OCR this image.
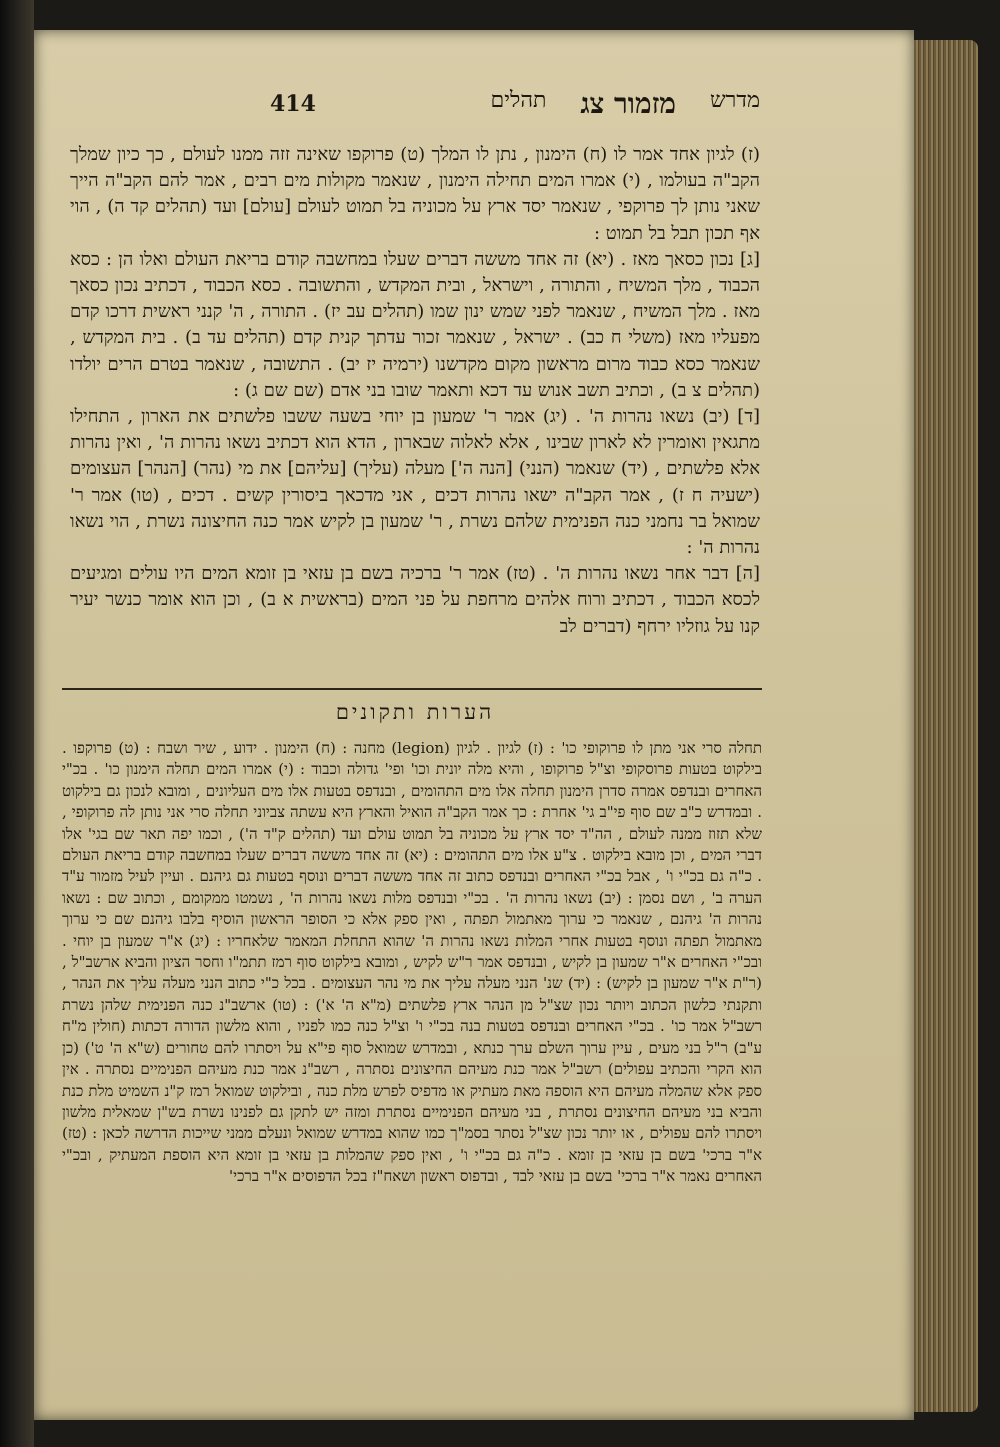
414	מדרש
מזמור צג
תהלים

(ז) לגיון אחד אמר לו (ח) הימנון , נתן לו המלך (ט) פרוקפו שאינה זזה ממנו לעולם , כך כיון שמלך הקב"ה בעולמו , (י) אמרו המים תחילה הימנון , שנאמר מקולות מים רבים , אמר להם הקב"ה הייך שאני נותן לך פרוקפי , שנאמר יסד ארץ על מכוניה בל תמוט לעולם [עולם] ועד (תהלים קד ה) , הוי אף תכון תבל בל תמוט :

[ג] נכון כסאך מאז . (יא) זה אחד מששה דברים שעלו במחשבה קודם בריאת העולם ואלו הן : כסא הכבוד , מלך המשיח , והתורה , וישראל , ובית המקדש , והתשובה . כסא הכבוד , דכתיב נכון כסאך מאז . מלך המשיח , שנאמר לפני שמש ינון שמו (תהלים עב יז) . התורה , ה' קנני ראשית דרכו קדם מפעליו מאז (משלי ח כב) . ישראל , שנאמר זכור עדתך קנית קדם (תהלים עד ב) . בית המקדש , שנאמר כסא כבוד מרום מראשון מקום מקדשנו (ירמיה יז יב) . התשובה , שנאמר בטרם הרים יולדו (תהלים צ ב) , וכתיב תשב אנוש עד דכא ותאמר שובו בני אדם (שם שם ג) :

[ד] (יב) נשאו נהרות ה' . (יג) אמר ר' שמעון בן יוחי בשעה ששבו פלשתים את הארון , התחילו מתגאין ואומרין לא לארון שבינו , אלא לאלוה שבארון , הדא הוא דכתיב נשאו נהרות ה' , ואין נהרות אלא פלשתים , (יד) שנאמר (הנני) [הנה ה'] מעלה (עליך) [עליהם] את מי (נהר) [הנהר] העצומים (ישעיה ח ז) , אמר הקב"ה ישאו נהרות דכים , אני מדכאך ביסורין קשים . דכים , (טו) אמר ר' שמואל בר נחמני כנה הפנימית שלהם נשרת , ר' שמעון בן לקיש אמר כנה החיצונה נשרת , הוי נשאו נהרות ה' :

[ה] דבר אחר נשאו נהרות ה' . (טז) אמר ר' ברכיה בשם בן עזאי בן זומא המים היו עולים ומגיעים לכסא הכבוד , דכתיב ורוח אלהים מרחפת על פני המים (בראשית א ב) , וכן הוא אומר כנשר יעיר קנו על גוזליו ירחף (דברים לב

הערות ותקונים

תחלה סרי אני מתן לו פרוקופי כו' : (ז) לגיון . לגיון (legion) מחנה : (ח) הימנון . ידוע , שיר ושבח : (ט) פרוקפו . בילקוט בטעות פרוסקופי וצ"ל פרוקופו , והיא מלה יונית וכו' ופי' גדולה וכבוד : (י) אמרו המים תחלה הימנון כו' . בכ"י האחרים ובנדפס אמרה סדרן הימנון תחלה אלו מים התהומים , ובנדפס בטעות אלו מים העליונים , ומובא לנכון גם בילקוט . ובמדרש כ"ב שם סוף פי"ב גי' אחרת : כך אמר הקב"ה הואיל והארץ היא עשתה צביוני תחלה סרי אני נותן לה פרוקופי , שלא תזוז ממנה לעולם , הה"ד יסד ארץ על מכוניה בל תמוט עולם ועד (תהלים ק"ד ה') , וכמו יפה תאר שם בגי' אלו דברי המים , וכן מובא בילקוט . צ"ע אלו מים התהומים : (יא) זה אחד מששה דברים שעלו במחשבה קודם בריאת העולם . כ"ה גם בכ"י ו' , אבל בכ"י האחרים ובנדפס כתוב זה אחד מששה דברים ונוסף בטעות גם גיהנם . ועיין לעיל מזמור ע"ד הערה ב' , ושם נסמן : (יב) נשאו נהרות ה' . בכ"י ובנדפס מלות נשאו נהרות ה' , נשמטו ממקומם , וכתוב שם : נשאו נהרות ה' גיהנם , שנאמר כי ערוך מאתמול תפתה , ואין ספק אלא כי הסופר הראשון הוסיף בלבו גיהנם שם כי ערוך מאתמול תפתה ונוסף בטעות אחרי המלות נשאו נהרות ה' שהוא התחלת המאמר שלאחריו : (יג) א"ר שמעון בן יוחי . ובכ"י האחרים א"ר שמעון בן לקיש , ובנדפס אמר ר"ש לקיש , ומובא בילקוט סוף רמז תתמ"ו וחסר הציון והביא ארשב"ל , (ר"ת א"ר שמעון בן לקיש) : (יד) שנ' הנני מעלה עליך את מי נהר העצומים . בכל כ"י כתוב הנני מעלה עליך את הנהר , ותקנתי כלשון הכתוב ויותר נכון שצ"ל מן הנהר ארץ פלשתים (מ"א ה' א') : (טו) ארשב"נ כנה הפנימית שלהן נשרת רשב"ל אמר כו' . בכ"י האחרים ובנדפס בטעות בנה בכ"י ו' וצ"ל כנה כמו לפניו , והוא מלשון הדורה דכתות (חולין מ"ח ע"ב) ר"ל בני מעים , עיין ערוך השלם ערך כנתא , ובמדרש שמואל סוף פי"א על ויסתרו להם טחורים (ש"א ה' ט') (כן הוא הקרי והכתיב עפולים) רשב"ל אמר כנת מעיהם החיצונים נסתרה , רשב"נ אמר כנת מעיהם הפנימיים נסתרה . אין ספק אלא שהמלה מעיהם היא הוספה מאת מעתיק או מדפיס לפרש מלת כנה , ובילקוט שמואל רמז ק"נ השמיט מלת כנת והביא בני מעיהם החיצונים נסתרת , בני מעיהם הפנימיים נסתרת ומזה יש לתקן גם לפנינו נשרת בש"ן שמאלית מלשון ויסתרו להם עפולים , או יותר נכון שצ"ל נסתר בסמ"ך כמו שהוא במדרש שמואל ונעלם ממני שייכות הדרשה לכאן : (טז) א"ר ברכי' בשם בן עזאי בן זומא . כ"ה גם בכ"י ו' , ואין ספק שהמלות בן עזאי בן זומא היא הוספת המעתיק , ובכ"י האחרים נאמר א"ר ברכי' בשם בן עזאי לבד , ובדפוס ראשון ושאח"ז בכל הדפוסים א"ר ברכי'
